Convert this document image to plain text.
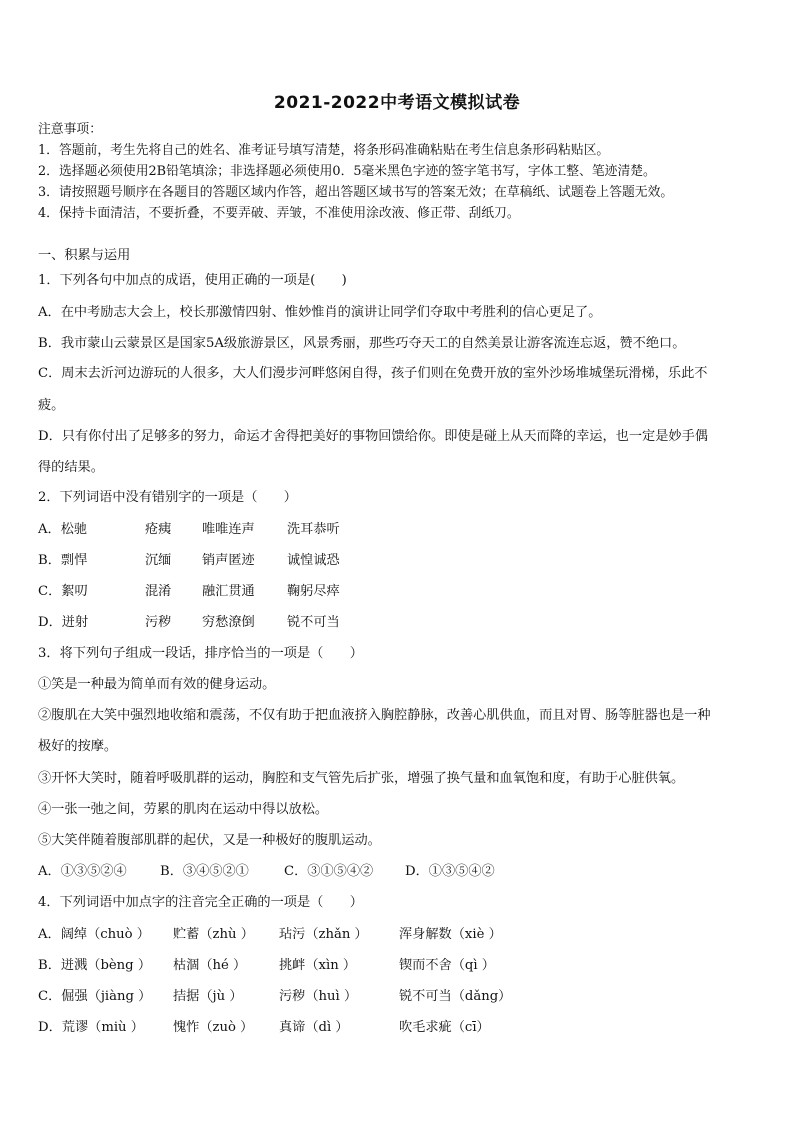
2021-2022中考语文模拟试卷
注意事项：
1．答题前，考生先将自己的姓名、准考证号填写清楚，将条形码准确粘贴在考生信息条形码粘贴区。
2．选择题必须使用2B铅笔填涂；非选择题必须使用0．5毫米黑色字迹的签字笔书写，字体工整、笔迹清楚。
3．请按照题号顺序在各题目的答题区域内作答，超出答题区域书写的答案无效；在草稿纸、试题卷上答题无效。
4．保持卡面清洁，不要折叠，不要弄破、弄皱，不准使用涂改液、修正带、刮纸刀。
一、积累与运用
1．下列各句中加点的成语，使用正确的一项是(　　)
A．在中考励志大会上，校长那激情四射、惟妙惟肖的演讲让同学们夺取中考胜利的信心更足了。
B．我市蒙山云蒙景区是国家5A级旅游景区，风景秀丽，那些巧夺天工的自然美景让游客流连忘返，赞不绝口。
C．周末去沂河边游玩的人很多，大人们漫步河畔悠闲自得，孩子们则在免费开放的室外沙场堆城堡玩滑梯，乐此不
疲。
D．只有你付出了足够多的努力，命运才舍得把美好的事物回馈给你。即使是碰上从天而降的幸运，也一定是妙手偶
得的结果。
2．下列词语中没有错别字的一项是（　　）
A．松驰	疮痍 唯唯连声 洗耳恭听
B．剽悍	沉缅 销声匿迹 诚惶诚恐
C．絮叨	混淆 融汇贯通 鞠躬尽瘁
D．迸射	污秽 穷愁潦倒 锐不可当
3．将下列句子组成一段话，排序恰当的一项是（　　）
①笑是一种最为简单而有效的健身运动。
②腹肌在大笑中强烈地收缩和震荡，不仅有助于把血液挤入胸腔静脉，改善心肌供血，而且对胃、肠等脏器也是一种
极好的按摩。
③开怀大笑时，随着呼吸肌群的运动，胸腔和支气管先后扩张，增强了换气量和血氧饱和度，有助于心脏供氧。
④一张一弛之间，劳累的肌肉在运动中得以放松。
⑤大笑伴随着腹部肌群的起伏，又是一种极好的腹肌运动。
A．①③⑤②④	B．③④⑤②①	C．③①⑤④② D．①③⑤④②
4．下列词语中加点字的注音完全正确的一项是（　　）
A．阔绰（chuò ） 贮蓄（zhù ） 玷污（zhǎn ） 浑身解数（xiè ）
B．迸溅（bèng ） 枯涸（hé ） 挑衅（xìn ）	锲而不舍（qì ）
C．倔强（jiàng ） 拮据（jù ）	污秽（huì ）	锐不可当（dǎng）
D．荒谬（miù ） 愧怍（zuò ） 真谛（dì ）	吹毛求疵（cī）
